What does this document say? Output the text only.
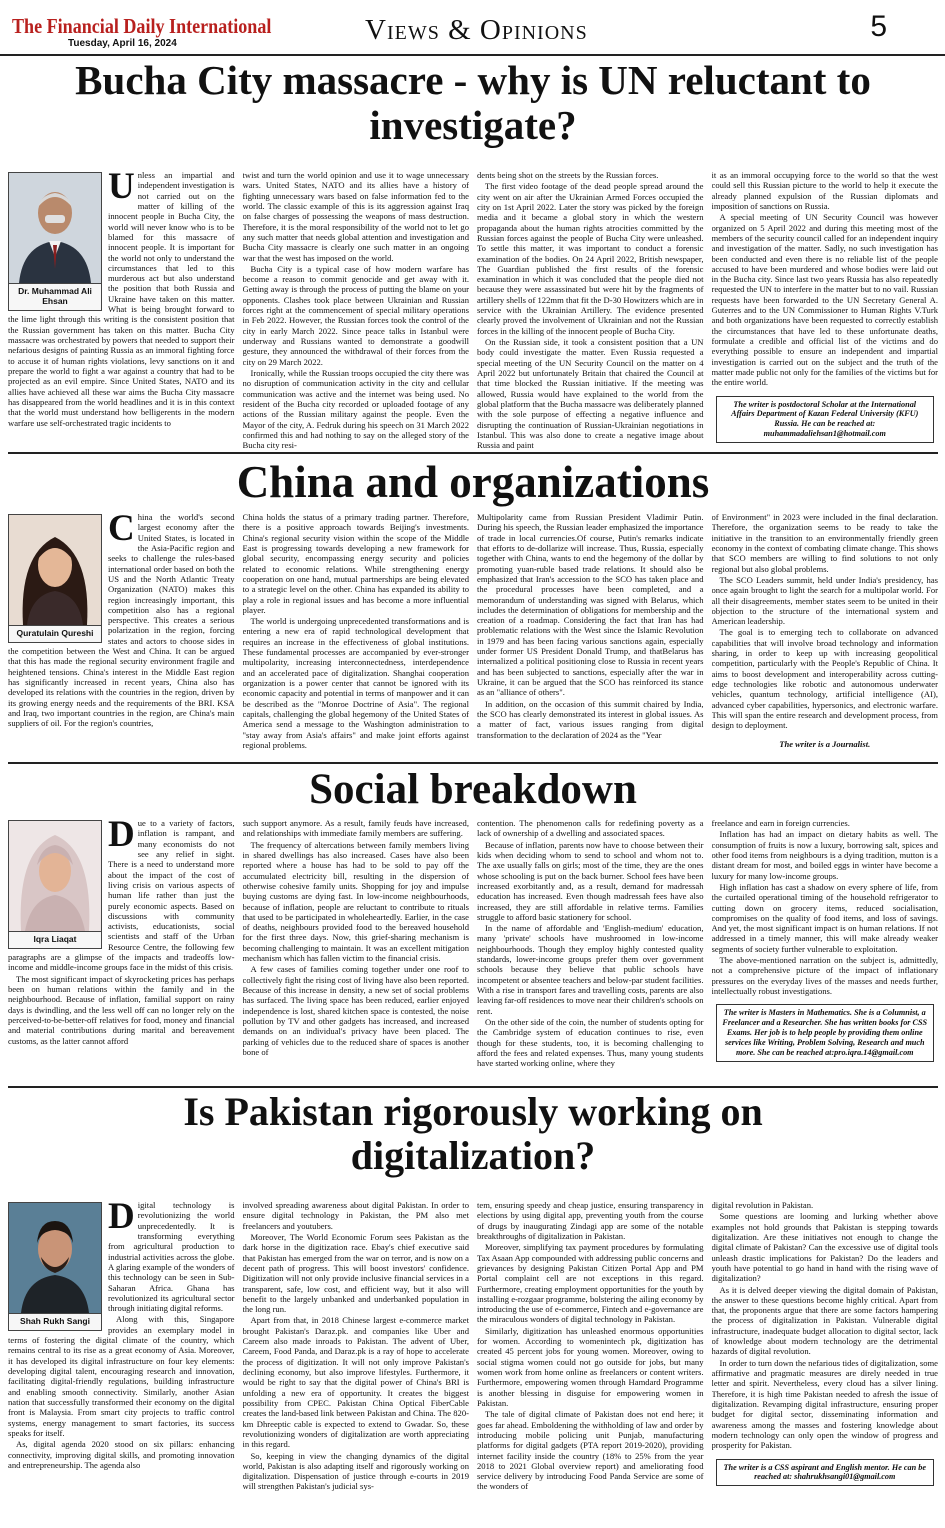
The Financial Daily International
Tuesday, April 16, 2024	Views & Opinions	5
Bucha City massacre - why is UN reluctant to investigate?
Dr. Muhammad Ali Ehsan
U nless an impartial and independent investigation is not carried out on the matter of killing of the innocent people in Bucha City, the world will never know who is to be blamed for this massacre of innocent people. It is important for the world not only to understand the circumstances that led to this murderous act but also understand the position that both Russia and Ukraine have taken on this matter. What is being brought forward to the lime light through this writing is the consistent position that the Russian government has taken on this matter. Bucha City massacre was orchestrated by powers that needed to support their nefarious designs of painting Russia as an immoral fighting force to accuse it of human rights violations, levy sanctions on it and prepare the world to fight a war against a country that had to be projected as an evil empire. Since United States, NATO and its allies have achieved all these war aims the Bucha City massacre has disappeared from the world headlines and it is in this context that the world must understand how belligerents in the modern warfare use self-orchestrated tragic incidents to

twist and turn the world opinion and use it to wage unnecessary wars. United States, NATO and its allies have a history of fighting unnecessary wars based on false information fed to the world. The classic example of this is its aggression against Iraq on false charges of possessing the weapons of mass destruction. Therefore, it is the moral responsibility of the world not to let go any such matter that needs global attention and investigation and Bucha City massacre is clearly one such matter in an ongoing war that the west has imposed on the world.

Bucha City is a typical case of how modern warfare has become a reason to commit genocide and get away with it. Getting away is through the process of putting the blame on your opponents. Clashes took place between Ukrainian and Russian forces right at the commencement of special military operations in Feb 2022. However, the Russian forces took the control of the city in early March 2022. Since peace talks in Istanbul were underway and Russians wanted to demonstrate a goodwill gesture, they announced the withdrawal of their forces from the city on 29 March 2022.

Ironically, while the Russian troops occupied the city there was no disruption of communication activity in the city and cellular communication was active and the internet was being used. No resident of the Bucha city recorded or uploaded footage of any actions of the Russian military against the people. Even the Mayor of the city, A. Fedruk during his speech on 31 March 2022 confirmed this and had nothing to say on the alleged story of the Bucha city resi-

dents being shot on the streets by the Russian forces.

The first video footage of the dead people spread around the city went on air after the Ukrainian Armed Forces occupied the city on 1st April 2022. Later the story was picked by the foreign media and it became a global story in which the western propaganda about the human rights atrocities committed by the Russian forces against the people of Bucha City were unleashed. To settle this matter, it was important to conduct a forensic examination of the bodies. On 24 April 2022, British newspaper, The Guardian published the first results of the forensic examination in which it was concluded that the people died not because they were assassinated but were hit by the fragments of artillery shells of 122mm that fit the D-30 Howitzers which are in service with the Ukrainian Artillery. The evidence presented clearly proved the involvement of Ukrainian and not the Russian forces in the killing of the innocent people of Bucha City.

On the Russian side, it took a consistent position that a UN body could investigate the matter. Even Russia requested a special meeting of the UN Security Council on the matter on 4 April 2022 but unfortunately Britain that chaired the Council at that time blocked the Russian initiative. If the meeting was allowed, Russia would have explained to the world from the global platform that the Bucha massacre was deliberately planned with the sole purpose of effecting a negative influence and disrupting the continuation of Russian-Ukrainian negotiations in Istanbul. This was also done to create a negative image about Russia and paint

it as an immoral occupying force to the world so that the west could sell this Russian picture to the world to help it execute the already planned expulsion of the Russian diplomats and imposition of sanctions on Russia.

A special meeting of UN Security Council was however organized on 5 April 2022 and during this meeting most of the members of the security council called for an independent inquiry and investigation of the matter. Sadly, no such investigation has been conducted and even there is no reliable list of the people accused to have been murdered and whose bodies were laid out in the Bucha city. Since last two years Russia has also repeatedly requested the UN to interfere in the matter but to no vail. Russian requests have been forwarded to the UN Secretary General A. Guterres and to the UN Commissioner to Human Rights V.Turk and both organizations have been requested to correctly establish the circumstances that have led to these unfortunate deaths, formulate a credible and official list of the victims and do everything possible to ensure an independent and impartial investigation is carried out on the subject and the truth of the matter made public not only for the families of the victims but for the entire world.

The writer is postdoctoral Scholar at the International Affairs Department of Kazan Federal University (KFU) Russia. He can be reached at: muhammadaliehsan1@hotmail.com
China and organizations
Quratulain Qureshi
C hina the world's second largest economy after the United States, is located in the Asia-Pacific region and seeks to challenge the rules-based international order based on both the US and the North Atlantic Treaty Organization (NATO) makes this region increasingly important, this competition also has a regional perspective. This creates a serious polarization in the region, forcing states and actors to choose sides in the competition between the West and China. It can be argued that this has made the regional security environment fragile and heightened tensions. China's interest in the Middle East region has significantly increased in recent years, China also has developed its relations with the countries in the region, driven by its growing energy needs and the requirements of the BRI. KSA and Iraq, two important countries in the region, are China's main suppliers of oil. For the region's countries,

China holds the status of a primary trading partner. Therefore, there is a positive approach towards Beijing's investments. China's regional security vision within the scope of the Middle East is progressing towards developing a new framework for global security, encompassing energy security and policies related to economic relations. While strengthening energy cooperation on one hand, mutual partnerships are being elevated to a strategic level on the other. China has expanded its ability to play a role in regional issues and has become a more influential player.

The world is undergoing unprecedented transformations and is entering a new era of rapid technological development that requires an increase in the effectiveness of global institutions. These fundamental processes are accompanied by ever-stronger multipolarity, increasing interconnectedness, interdependence and an accelerated pace of digitalization. Shanghai cooperation organization is a power center that cannot be ignored with its economic capacity and potential in terms of manpower and it can be described as the "Monroe Doctrine of Asia". The regional capitals, challenging the global hegemony of the United States of America send a message to the Washington administration to "stay away from Asia's affairs" and make joint efforts against regional problems.

Multipolarity came from Russian President Vladimir Putin. During his speech, the Russian leader emphasized the importance of trade in local currencies.Of course, Putin's remarks indicate that efforts to de-dollarize will increase. Thus, Russia, especially together with China, wants to end the hegemony of the dollar by promoting yuan-ruble based trade relations. It should also be emphasized that Iran's accession to the SCO has taken place and the procedural processes have been completed, and a memorandum of understanding was signed with Belarus, which includes the determination of obligations for membership and the creation of a roadmap. Considering the fact that Iran has had problematic relations with the West since the Islamic Revolution in 1979 and has been facing various sanctions again, especially under former US President Donald Trump, and thatBelarus has internalized a political positioning close to Russia in recent years and has been subjected to sanctions, especially after the war in Ukraine, it can be argued that the SCO has reinforced its stance as an "alliance of others".

In addition, on the occasion of this summit chaired by India, the SCO has clearly demonstrated its interest in global issues. As a matter of fact, various issues ranging from digital transformation to the declaration of 2024 as the "Year

of Environment" in 2023 were included in the final declaration. Therefore, the organization seems to be ready to take the initiative in the transition to an environmentally friendly green economy in the context of combating climate change. This shows that SCO members are willing to find solutions to not only regional but also global problems.

The SCO Leaders summit, held under India's presidency, has once again brought to light the search for a multipolar world. For all their disagreements, member states seem to be united in their objection to the structure of the international system and American leadership.

The goal is to emerging tech to collaborate on advanced capabilities that will involve broad technology and information sharing, in order to keep up with increasing geopolitical competition, particularly with the People's Republic of China. It aims to boost development and interoperability across cutting-edge technologies like robotic and autonomous underwater vehicles, quantum technology, artificial intelligence (AI), advanced cyber capabilities, hypersonics, and electronic warfare. This will span the entire research and development process, from design to deployment.

The writer is a Journalist.
Social breakdown
Iqra Liaqat
D ue to a variety of factors, inflation is rampant, and many economists do not see any relief in sight. There is a need to understand more about the impact of the cost of living crisis on various aspects of human life rather than just the purely economic aspects. Based on discussions with community activists, educationists, social scientists and staff of the Urban Resource Centre, the following few paragraphs are a glimpse of the impacts and tradeoffs low-income and middle-income groups face in the midst of this crisis.

The most significant impact of skyrocketing prices has perhaps been on human relations within the family and in the neighbourhood. Because of inflation, familial support on rainy days is dwindling, and the less well off can no longer rely on the perceived-to-be-better-off relatives for food, money and financial and material contributions during marital and bereavement customs, as the latter cannot afford

such support anymore. As a result, family feuds have increased, and relationships with immediate family members are suffering.

The frequency of altercations between family members living in shared dwellings has also increased. Cases have also been reported where a house has had to be sold to pay off the accumulated electricity bill, resulting in the dispersion of otherwise cohesive family units. Shopping for joy and impulse buying customs are dying fast. In low-income neighbourhoods, because of inflation, people are reluctant to contribute to rituals that used to be participated in wholeheartedly. Earlier, in the case of deaths, neighbours provided food to the bereaved household for the first three days. Now, this grief-sharing mechanism is becoming challenging to maintain. It was an excellent mitigation mechanism which has fallen victim to the financial crisis.

A few cases of families coming together under one roof to collectively fight the rising cost of living have also been reported. Because of this increase in density, a new set of social problems has surfaced. The living space has been reduced, earlier enjoyed independence is lost, shared kitchen space is contested, the noise pollution by TV and other gadgets has increased, and increased demands on an individual's privacy have been placed. The parking of vehicles due to the reduced share of spaces is another bone of

contention. The phenomenon calls for redefining poverty as a lack of ownership of a dwelling and associated spaces.

Because of inflation, parents now have to choose between their kids when deciding whom to send to school and whom not to. The axe usually falls on girls; most of the time, they are the ones whose schooling is put on the back burner. School fees have been increased exorbitantly and, as a result, demand for madressah education has increased. Even though madressah fees have also increased, they are still affordable in relative terms. Families struggle to afford basic stationery for school.

In the name of affordable and 'English-medium' education, many 'private' schools have mushroomed in low-income neighbourhoods. Though they employ highly contested quality standards, lower-income groups prefer them over government schools because they believe that public schools have incompetent or absentee teachers and below-par student facilities. With a rise in transport fares and travelling costs, parents are also leaving far-off residences to move near their children's schools on rent.

On the other side of the coin, the number of students opting for the Cambridge system of education continues to rise, even though for these students, too, it is becoming challenging to afford the fees and related expenses. Thus, many young students have started working online, where they

freelance and earn in foreign currencies.

Inflation has had an impact on dietary habits as well. The consumption of fruits is now a luxury, borrowing salt, spices and other food items from neighbours is a dying tradition, mutton is a distant dream for most, and boiled eggs in winter have become a luxury for many low-income groups.

High inflation has cast a shadow on every sphere of life, from the curtailed operational timing of the household refrigerator to cutting down on grocery items, reduced socialisation, compromises on the quality of food items, and loss of savings. And yet, the most significant impact is on human relations. If not addressed in a timely manner, this will make already weaker segments of society further vulnerable to exploitation.

The above-mentioned narration on the subject is, admittedly, not a comprehensive picture of the impact of inflationary pressures on the everyday lives of the masses and needs further, intellectually robust investigations.

The writer is Masters in Mathematics. She is a Columnist, a Freelancer and a Researcher. She has written books for CSS Exams. Her job is to help people by providing them online services like Writing, Problem Solving, Research and much more. She can be reached at:pro.iqra.14@gmail.com
Is Pakistan rigorously working on digitalization?
Shah Rukh Sangi
D igital technology is revolutionizing the world unprecedentedly. It is transforming everything from agricultural production to industrial activities across the globe. A glaring example of the wonders of this technology can be seen in Sub-Saharan Africa. Ghana has revolutionized its agricultural sector through initiating digital reforms.

Along with this, Singapore provides an exemplary model in terms of fostering the digital climate of the country, which remains central to its rise as a great economy of Asia. Moreover, it has developed its digital infrastructure on four key elements: developing digital talent, encouraging research and innovation, facilitating digital-friendly regulations, building infrastructure and enabling smooth connectivity. Similarly, another Asian nation that successfully transformed their economy on the digital front is Malaysia. From smart city projects to traffic control systems, energy management to smart factories, its success speaks for itself.

As, digital agenda 2020 stood on six pillars: enhancing connectivity, improving digital skills, and promoting innovation and entrepreneurship. The agenda also

involved spreading awareness about digital Pakistan. In order to ensure digital technology in Pakistan, the PM also met freelancers and youtubers.

Moreover, The World Economic Forum sees Pakistan as the dark horse in the digitization race. Ebay's chief executive said that Pakistan has emerged from the war on terror, and is now on a decent path of progress. This will boost investors' confidence. Digitization will not only provide inclusive financial services in a transparent, safe, low cost, and efficient way, but it also will benefit to the largely unbanked and underbanked population in the long run.

Apart from that, in 2018 Chinese largest e-commerce market brought Pakistan's Daraz.pk. and companies like Uber and Careem also made inroads to Pakistan. The advent of Uber, Careem, Food Panda, and Daraz.pk is a ray of hope to accelerate the process of digitization. It will not only improve Pakistan's declining economy, but also improve lifestyles. Furthermore, it would be right to say that the digital power of China's BRI is unfolding a new era of opportunity. It creates the biggest possibility from CPEC. Pakistan China Optical FiberCable creates the land-based link between Pakistan and China. The 820-km Dhreeptic cable is expected to extend to Gwadar. So, these revolutionizing wonders of digitalization are worth appreciating in this regard.

So, keeping in view the changing dynamics of the digital world, Pakistan is also adapting itself and rigorously working on digitalization. Dispensation of justice through e-courts in 2019 will strengthen Pakistan's judicial sys-

tem, ensuring speedy and cheap justice, ensuring transparency in elections by using digital app, preventing youth from the course of drugs by inaugurating Zindagi app are some of the notable breakthroughs of digitalization in Pakistan.

Moreover, simplifying tax payment procedures by formulating Tax Asaan App compounded with addressing public concerns and grievances by designing Pakistan Citizen Portal App and PM Portal complaint cell are not exceptions in this regard. Furthermore, creating employment opportunities for the youth by installing e-rozgaar programme, bolstering the ailing economy by introducing the use of e-commerce, Fintech and e-governance are the miraculous wonders of digital technology in Pakistan.

Similarly, digitization has unleashed enormous opportunities for women. According to womenintech pk, digitization has created 45 percent jobs for young women. Moreover, owing to social stigma women could not go outside for jobs, but many women work from home online as freelancers or content writers. Furthermore, empowering women through Hamdard Programme is another blessing in disguise for empowering women in Pakistan.

The tale of digital climate of Pakistan does not end here; it goes far ahead. Emboldening the withholding of law and order by introducing mobile policing unit Punjab, manufacturing platforms for digital gadgets (PTA report 2019-2020), providing internet facility inside the country (18% to 25% from the year 2018 to 2021 Global overview report) and ameliorating food service delivery by introducing Food Panda Service are some of the wonders of

digital revolution in Pakistan.

Some questions are looming and lurking whether above examples not hold grounds that Pakistan is stepping towards digitalization. Are these initiatives not enough to change the digital climate of Pakistan? Can the excessive use of digital tools unleash drastic implications for Pakistan? Do the leaders and youth have potential to go hand in hand with the rising wave of digitalization?

As it is delved deeper viewing the digital domain of Pakistan, the answer to these questions become highly critical. Apart from that, the proponents argue that there are some factors hampering the process of digitalization in Pakistan. Vulnerable digital infrastructure, inadequate budget allocation to digital sector, lack of knowledge about modern technology are the detrimental hazards of digital revolution.

In order to turn down the nefarious tides of digitalization, some affirmative and pragmatic measures are direly needed in true letter and spirit. Nevertheless, every cloud has a silver lining. Therefore, it is high time Pakistan needed to afresh the issue of digitalization. Revamping digital infrastructure, ensuring proper budget for digital sector, disseminating information and awareness among the masses and fostering knowledge about modern technology can only open the window of progress and prosperity for Pakistan.

The writer is a CSS aspirant and English mentor. He can be reached at: shahrukhsangi01@gmail.com
